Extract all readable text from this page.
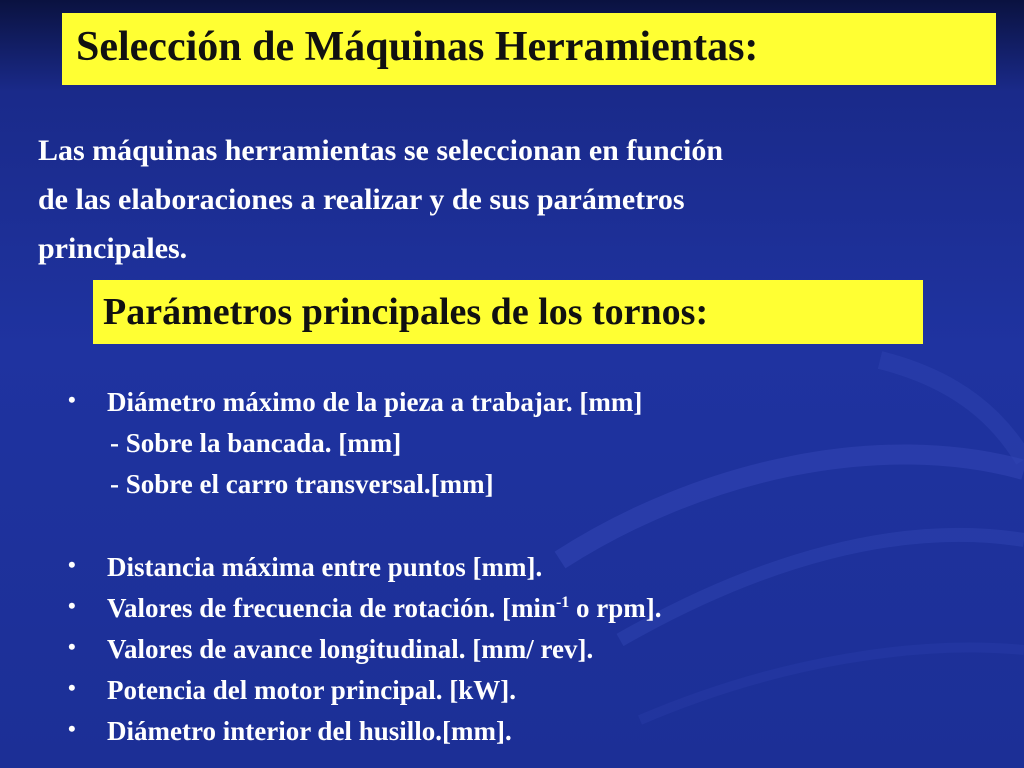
Selección de Máquinas Herramientas:
Las máquinas herramientas se seleccionan en función
de las elaboraciones a realizar y de sus parámetros
principales.
Parámetros principales de los tornos:
•	Diámetro máximo de la pieza a trabajar. [mm]
- Sobre la bancada. [mm]
- Sobre el carro transversal.[mm]
•	Distancia máxima entre puntos [mm].
•	Valores de frecuencia de rotación. [$\min^{-1}$ o rpm].
•	Valores de avance longitudinal. [mm/ rev].
•	Potencia del motor principal. [kW].
•	Diámetro interior del husillo.[mm].
